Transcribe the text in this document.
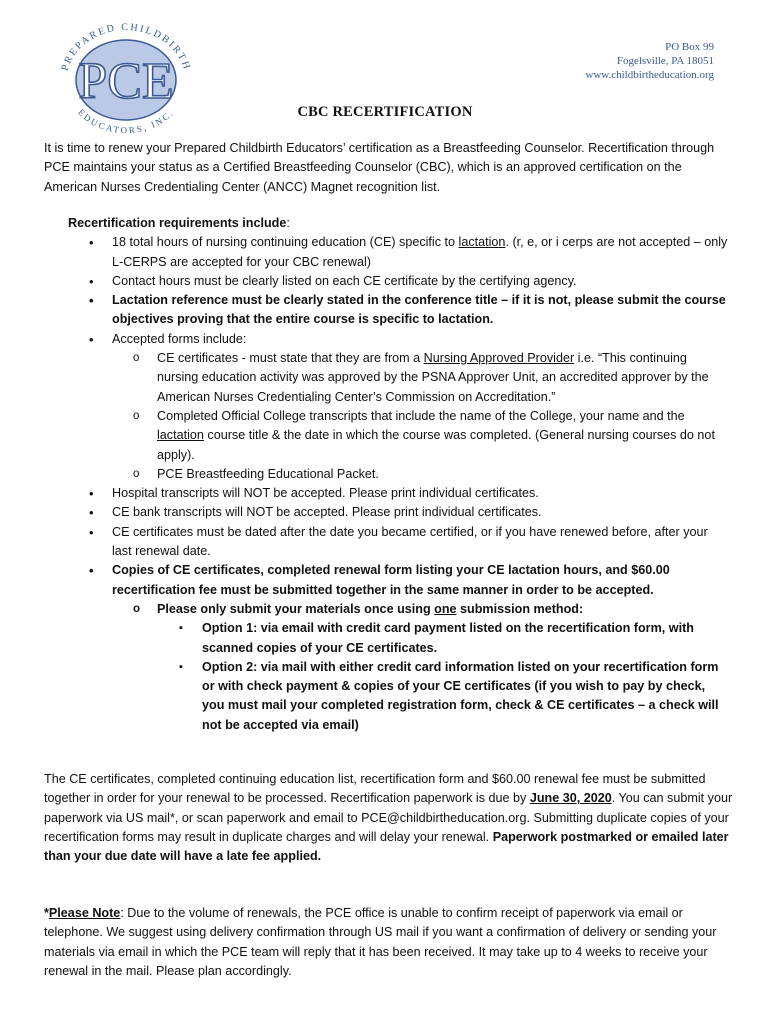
PREPARED CHILDBIRTH
PCE
EDUCATORS, INC.
PO Box 99
Fogelsville, PA 18051
www.childbirtheducation.org
CBC RECERTIFICATION

It is time to renew your Prepared Childbirth Educators’ certification as a Breastfeeding Counselor. Recertification through PCE maintains your status as a Certified Breastfeeding Counselor (CBC), which is an approved certification on the American Nurses Credentialing Center (ANCC) Magnet recognition list.

Recertification requirements include:
• 18 total hours of nursing continuing education (CE) specific to lactation. (r, e, or i cerps are not accepted – only L-CERPS are accepted for your CBC renewal)
• Contact hours must be clearly listed on each CE certificate by the certifying agency.
• Lactation reference must be clearly stated in the conference title – if it is not, please submit the course objectives proving that the entire course is specific to lactation.
• Accepted forms include:
o CE certificates - must state that they are from a Nursing Approved Provider i.e. “This continuing nursing education activity was approved by the PSNA Approver Unit, an accredited approver by the American Nurses Credentialing Center’s Commission on Accreditation.”
o Completed Official College transcripts that include the name of the College, your name and the lactation course title & the date in which the course was completed. (General nursing courses do not apply).
o PCE Breastfeeding Educational Packet.
• Hospital transcripts will NOT be accepted. Please print individual certificates.
• CE bank transcripts will NOT be accepted. Please print individual certificates.
• CE certificates must be dated after the date you became certified, or if you have renewed before, after your last renewal date.
• Copies of CE certificates, completed renewal form listing your CE lactation hours, and $60.00 recertification fee must be submitted together in the same manner in order to be accepted.
o Please only submit your materials once using one submission method:
▪ Option 1: via email with credit card payment listed on the recertification form, with scanned copies of your CE certificates.
▪ Option 2: via mail with either credit card information listed on your recertification form or with check payment & copies of your CE certificates (if you wish to pay by check, you must mail your completed registration form, check & CE certificates – a check will not be accepted via email)

The CE certificates, completed continuing education list, recertification form and $60.00 renewal fee must be submitted together in order for your renewal to be processed. Recertification paperwork is due by June 30, 2020. You can submit your paperwork via US mail*, or scan paperwork and email to PCE@childbirtheducation.org. Submitting duplicate copies of your recertification forms may result in duplicate charges and will delay your renewal. Paperwork postmarked or emailed later than your due date will have a late fee applied.

*Please Note: Due to the volume of renewals, the PCE office is unable to confirm receipt of paperwork via email or telephone. We suggest using delivery confirmation through US mail if you want a confirmation of delivery or sending your materials via email in which the PCE team will reply that it has been received. It may take up to 4 weeks to receive your renewal in the mail. Please plan accordingly.
